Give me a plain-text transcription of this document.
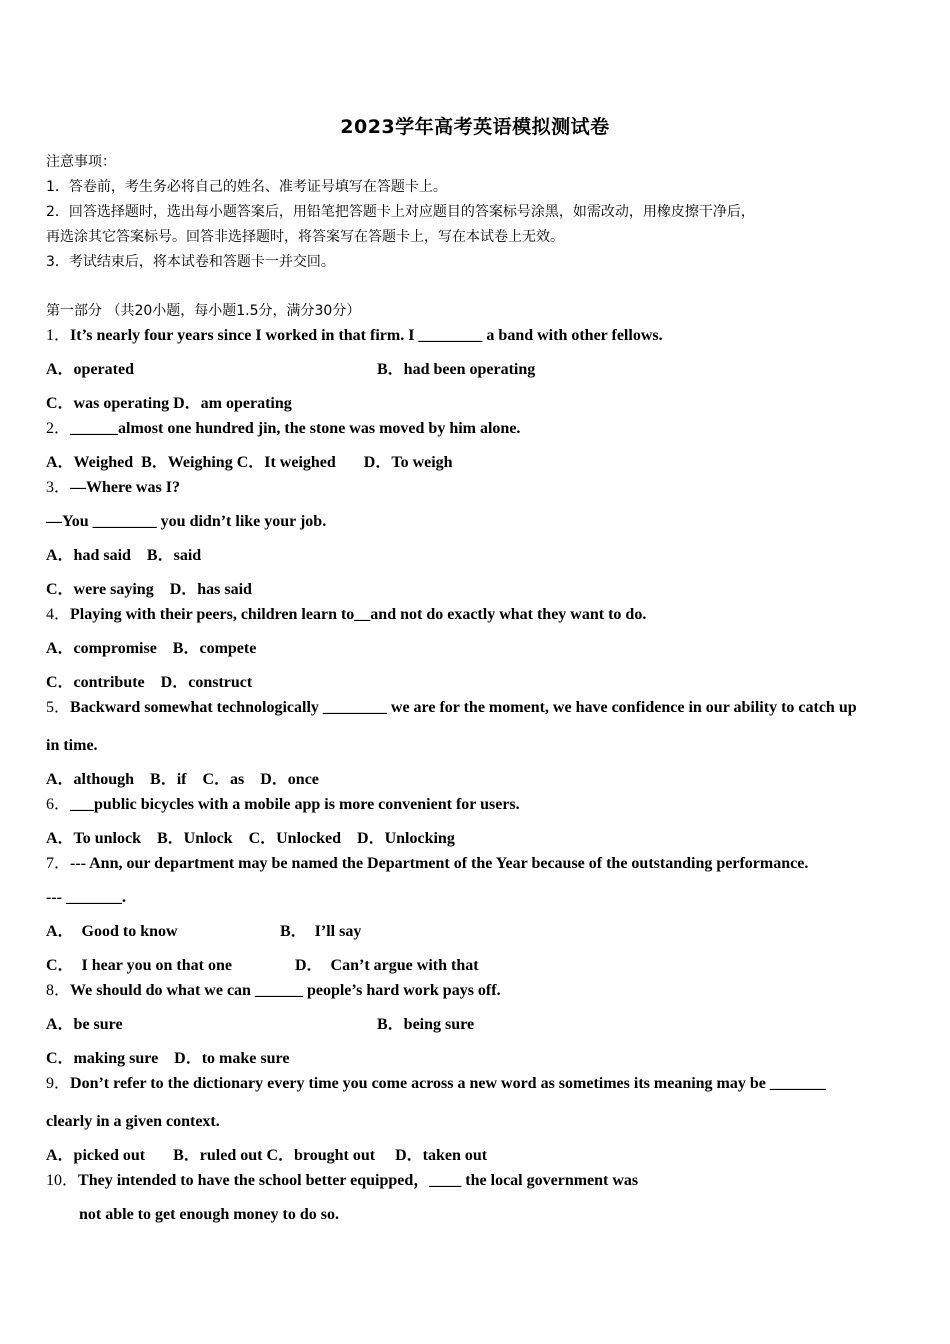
2023学年高考英语模拟测试卷
注意事项：
1．答卷前，考生务必将自己的姓名、准考证号填写在答题卡上。
2．回答选择题时，选出每小题答案后，用铅笔把答题卡上对应题目的答案标号涂黑，如需改动，用橡皮擦干净后，
再选涂其它答案标号。回答非选择题时，将答案写在答题卡上，写在本试卷上无效。
3．考试结束后，将本试卷和答题卡一并交回。
第一部分 （共20小题，每小题1.5分，满分30分）
1．It’s nearly four years since I worked in that firm. I ________ a band with other fellows.
A．operated	B．had been operating
C．was operating D．am operating
2．______almost one hundred jin, the stone was moved by him alone.
A．Weighed  B．Weighing C．It weighed       D．To weigh
3．—Where was I?
—You ________ you didn’t like your job.
A．had said    B．said
C．were saying    D．has said
4．Playing with their peers, children learn to__and not do exactly what they want to do.
A．compromise    B．compete
C．contribute    D．construct
5．Backward somewhat technologically ________ we are for the moment, we have confidence in our ability to catch up
in time.
A．although    B．if    C．as    D．once
6．___public bicycles with a mobile app is more convenient for users.
A．To unlock    B．Unlock    C．Unlocked    D．Unlocking
7．--- Ann, our department may be named the Department of the Year because of the outstanding performance.
--- _______.
A．  Good to know	B．  I’ll say
C．  I hear you on that one	D．  Can’t argue with that
8．We should do what we can ______ people’s hard work pays off.
A．be sure	B．being sure
C．making sure    D．to make sure
9．Don’t refer to the dictionary every time you come across a new word as sometimes its meaning may be _______
clearly in a given context.
A．picked out       B．ruled out C．brought out     D．taken out
10．They intended to have the school better equipped，____ the local government was
not able to get enough money to do so.
